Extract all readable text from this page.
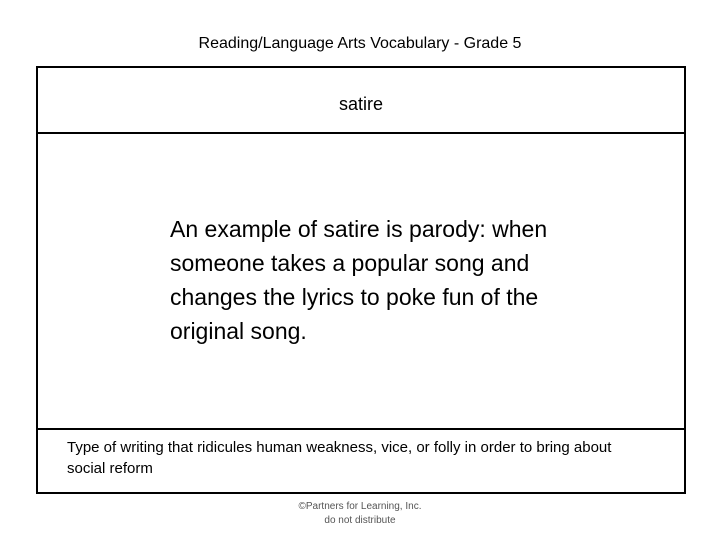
Reading/Language Arts Vocabulary - Grade 5
satire
An example of satire is parody: when someone takes a popular song and changes the lyrics to poke fun of the original song.
Type of writing that ridicules human weakness, vice, or folly in order to bring about social reform
©Partners for Learning, Inc.
do not distribute
